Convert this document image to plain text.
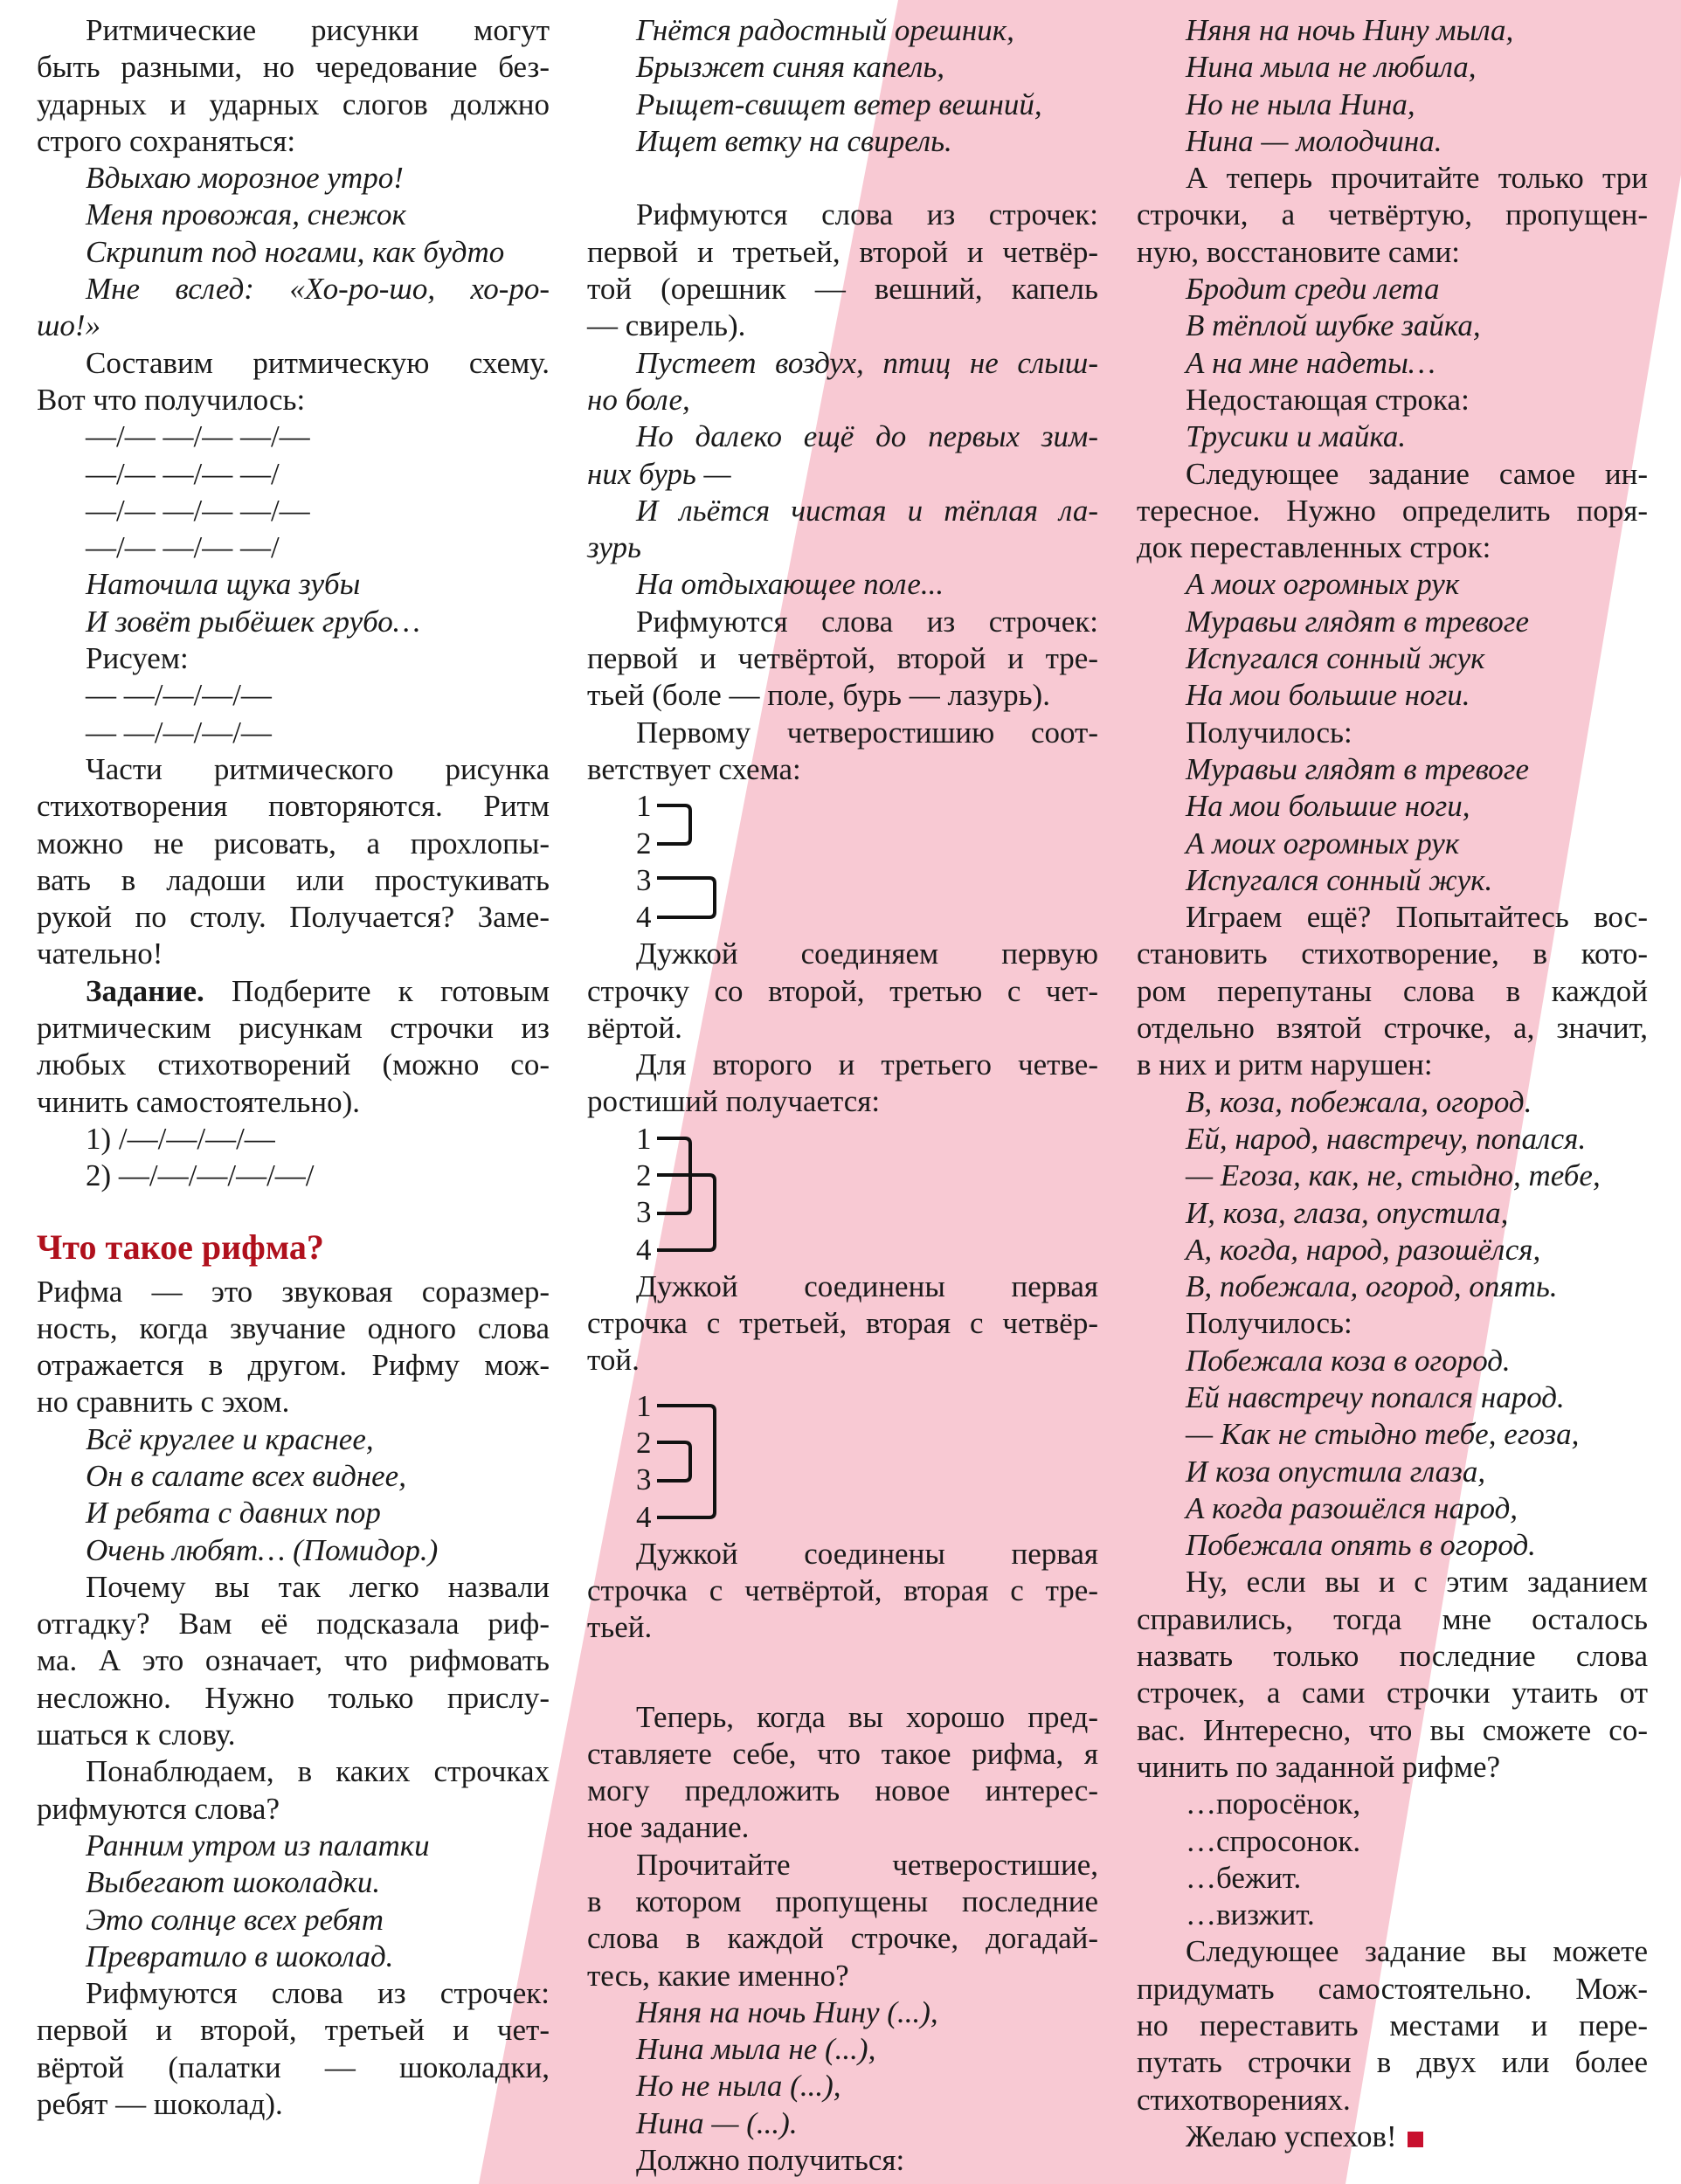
Ритмические рисунки могут
быть разными, но чередование без-
ударных и ударных слогов должно
строго сохраняться:
Вдыхаю морозное утро!
Меня провожая, снежок
Скрипит под ногами, как будто
Мне вслед: «Хо-ро-шо, хо-ро-
шо!»
Составим ритмическую схему.
Вот что получилось:
—/— —/— —/—
—/— —/— —/
—/— —/— —/—
—/— —/— —/
Наточила щука зубы
И зовёт рыбёшек грубо…
Рисуем:
— —/—/—/—
— —/—/—/—
Части ритмического рисунка
стихотворения повторяются. Ритм
можно не рисовать, а прохлопы-
вать в ладоши или простукивать
рукой по столу. Получается? Заме-
чательно!
Задание. Подберите к готовым
ритмическим рисункам строчки из
любых стихотворений (можно со-
чинить самостоятельно).
1) /—/—/—/—
2) —/—/—/—/—/
Что такое рифма?
Рифма — это звуковая соразмер-
ность, когда звучание одного слова
отражается в другом. Рифму мож-
но сравнить с эхом.
Всё круглее и краснее,
Он в салате всех виднее,
И ребята с давних пор
Очень любят… (Помидор.)
Почему вы так легко назвали
отгадку? Вам её подсказала риф-
ма. А это означает, что рифмовать
несложно. Нужно только прислу-
шаться к слову.
Понаблюдаем, в каких строчках
рифмуются слова?
Ранним утром из палатки
Выбегают шоколадки.
Это солнце всех ребят
Превратило в шоколад.
Рифмуются слова из строчек:
первой и второй, третьей и чет-
вёртой (палатки — шоколадки,
ребят — шоколад).
Гнётся радостный орешник,
Брызжет синяя капель,
Рыщет-свищет ветер вешний,
Ищет ветку на свирель.
Рифмуются слова из строчек:
первой и третьей, второй и четвёр-
той (орешник — вешний, капель
— свирель).
Пустеет воздух, птиц не слыш-
но боле,
Но далеко ещё до первых зим-
них бурь —
И льётся чистая и тёплая ла-
зурь
На отдыхающее поле...
Рифмуются слова из строчек:
первой и четвёртой, второй и тре-
тьей (боле — поле, бурь — лазурь).
Первому четверостишию соот-
ветствует схема:
1
2
3
4
Дужкой соединяем первую
строчку со второй, третью с чет-
вёртой.
Для второго и третьего четве-
ростиший получается:
1
2
3
4
Дужкой соединены первая
строчка с третьей, вторая с четвёр-
той.
1
2
3
4
Дужкой соединены первая
строчка с четвёртой, вторая с тре-
тьей.
Теперь, когда вы хорошо пред-
ставляете себе, что такое рифма, я
могу предложить новое интерес-
ное задание.
Прочитайте четверостишие,
в котором пропущены последние
слова в каждой строчке, догадай-
тесь, какие именно?
Няня на ночь Нину (...),
Нина мыла не (...),
Но не ныла (...),
Нина — (...).
Должно получиться:
Няня на ночь Нину мыла,
Нина мыла не любила,
Но не ныла Нина,
Нина — молодчина.
А теперь прочитайте только три
строчки, а четвёртую, пропущен-
ную, восстановите сами:
Бродит среди лета
В тёплой шубке зайка,
А на мне надеты…
Недостающая строка:
Трусики и майка.
Следующее задание самое ин-
тересное. Нужно определить поря-
док переставленных строк:
А моих огромных рук
Муравьи глядят в тревоге
Испугался сонный жук
На мои большие ноги.
Получилось:
Муравьи глядят в тревоге
На мои большие ноги,
А моих огромных рук
Испугался сонный жук.
Играем ещё? Попытайтесь вос-
становить стихотворение, в кото-
ром перепутаны слова в каждой
отдельно взятой строчке, а, значит,
в них и ритм нарушен:
В, коза, побежала, огород.
Ей, народ, навстречу, попался.
— Егоза, как, не, стыдно, тебе,
И, коза, глаза, опустила,
А, когда, народ, разошёлся,
В, побежала, огород, опять.
Получилось:
Побежала коза в огород.
Ей навстречу попался народ.
— Как не стыдно тебе, егоза,
И коза опустила глаза,
А когда разошёлся народ,
Побежала опять в огород.
Ну, если вы и с этим заданием
справились, тогда мне осталось
назвать только последние слова
строчек, а сами строчки утаить от
вас. Интересно, что вы сможете со-
чинить по заданной рифме?
…поросёнок,
…спросонок.
…бежит.
…визжит.
Следующее задание вы можете
придумать самостоятельно. Мож-
но переставить местами и пере-
путать строчки в двух или более
стихотворениях.
Желаю успехов!
